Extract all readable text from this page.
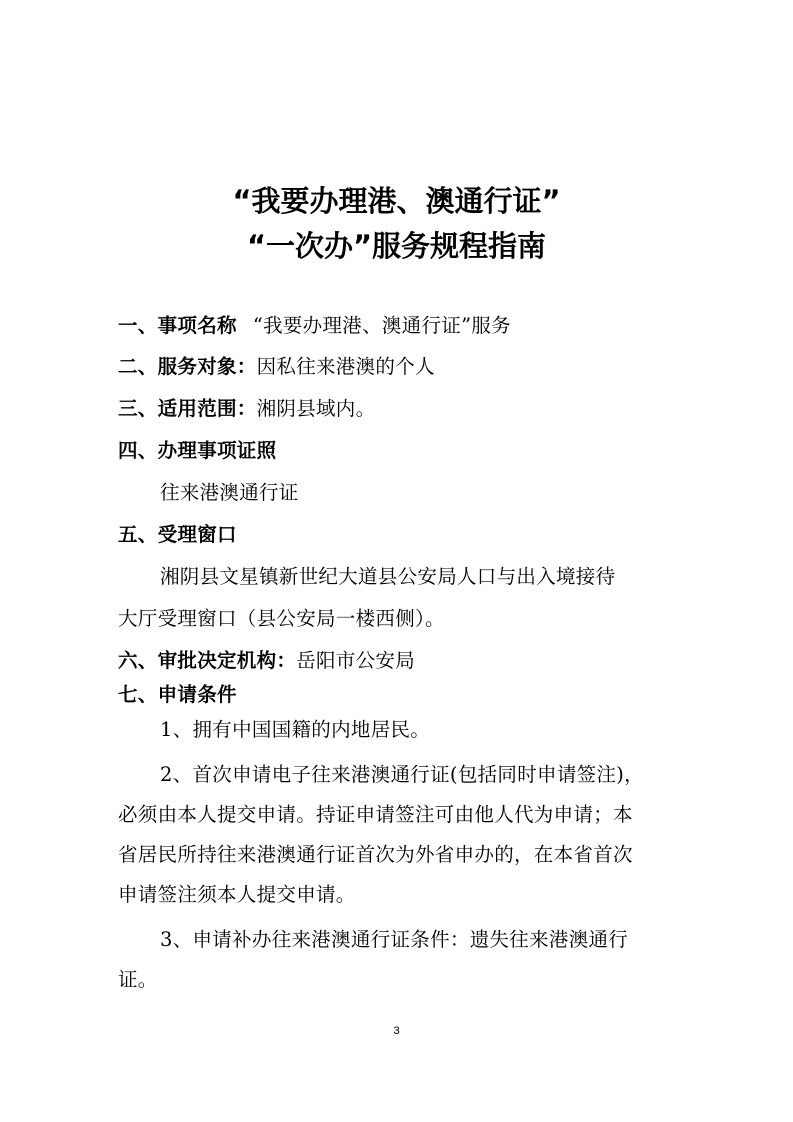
“我要办理港、澳通行证”
“一次办”服务规程指南
一、事项名称 “我要办理港、澳通行证”服务
二、服务对象：因私往来港澳的个人
三、适用范围：湘阴县域内。
四、办理事项证照
往来港澳通行证
五、受理窗口
湘阴县文星镇新世纪大道县公安局人口与出入境接待
大厅受理窗口（县公安局一楼西侧）。
六、审批决定机构：岳阳市公安局
七、申请条件
1、拥有中国国籍的内地居民。
2、首次申请电子往来港澳通行证(包括同时申请签注)，
必须由本人提交申请。持证申请签注可由他人代为申请；本
省居民所持往来港澳通行证首次为外省申办的，在本省首次
申请签注须本人提交申请。
3、申请补办往来港澳通行证条件：遗失往来港澳通行
证。
3
